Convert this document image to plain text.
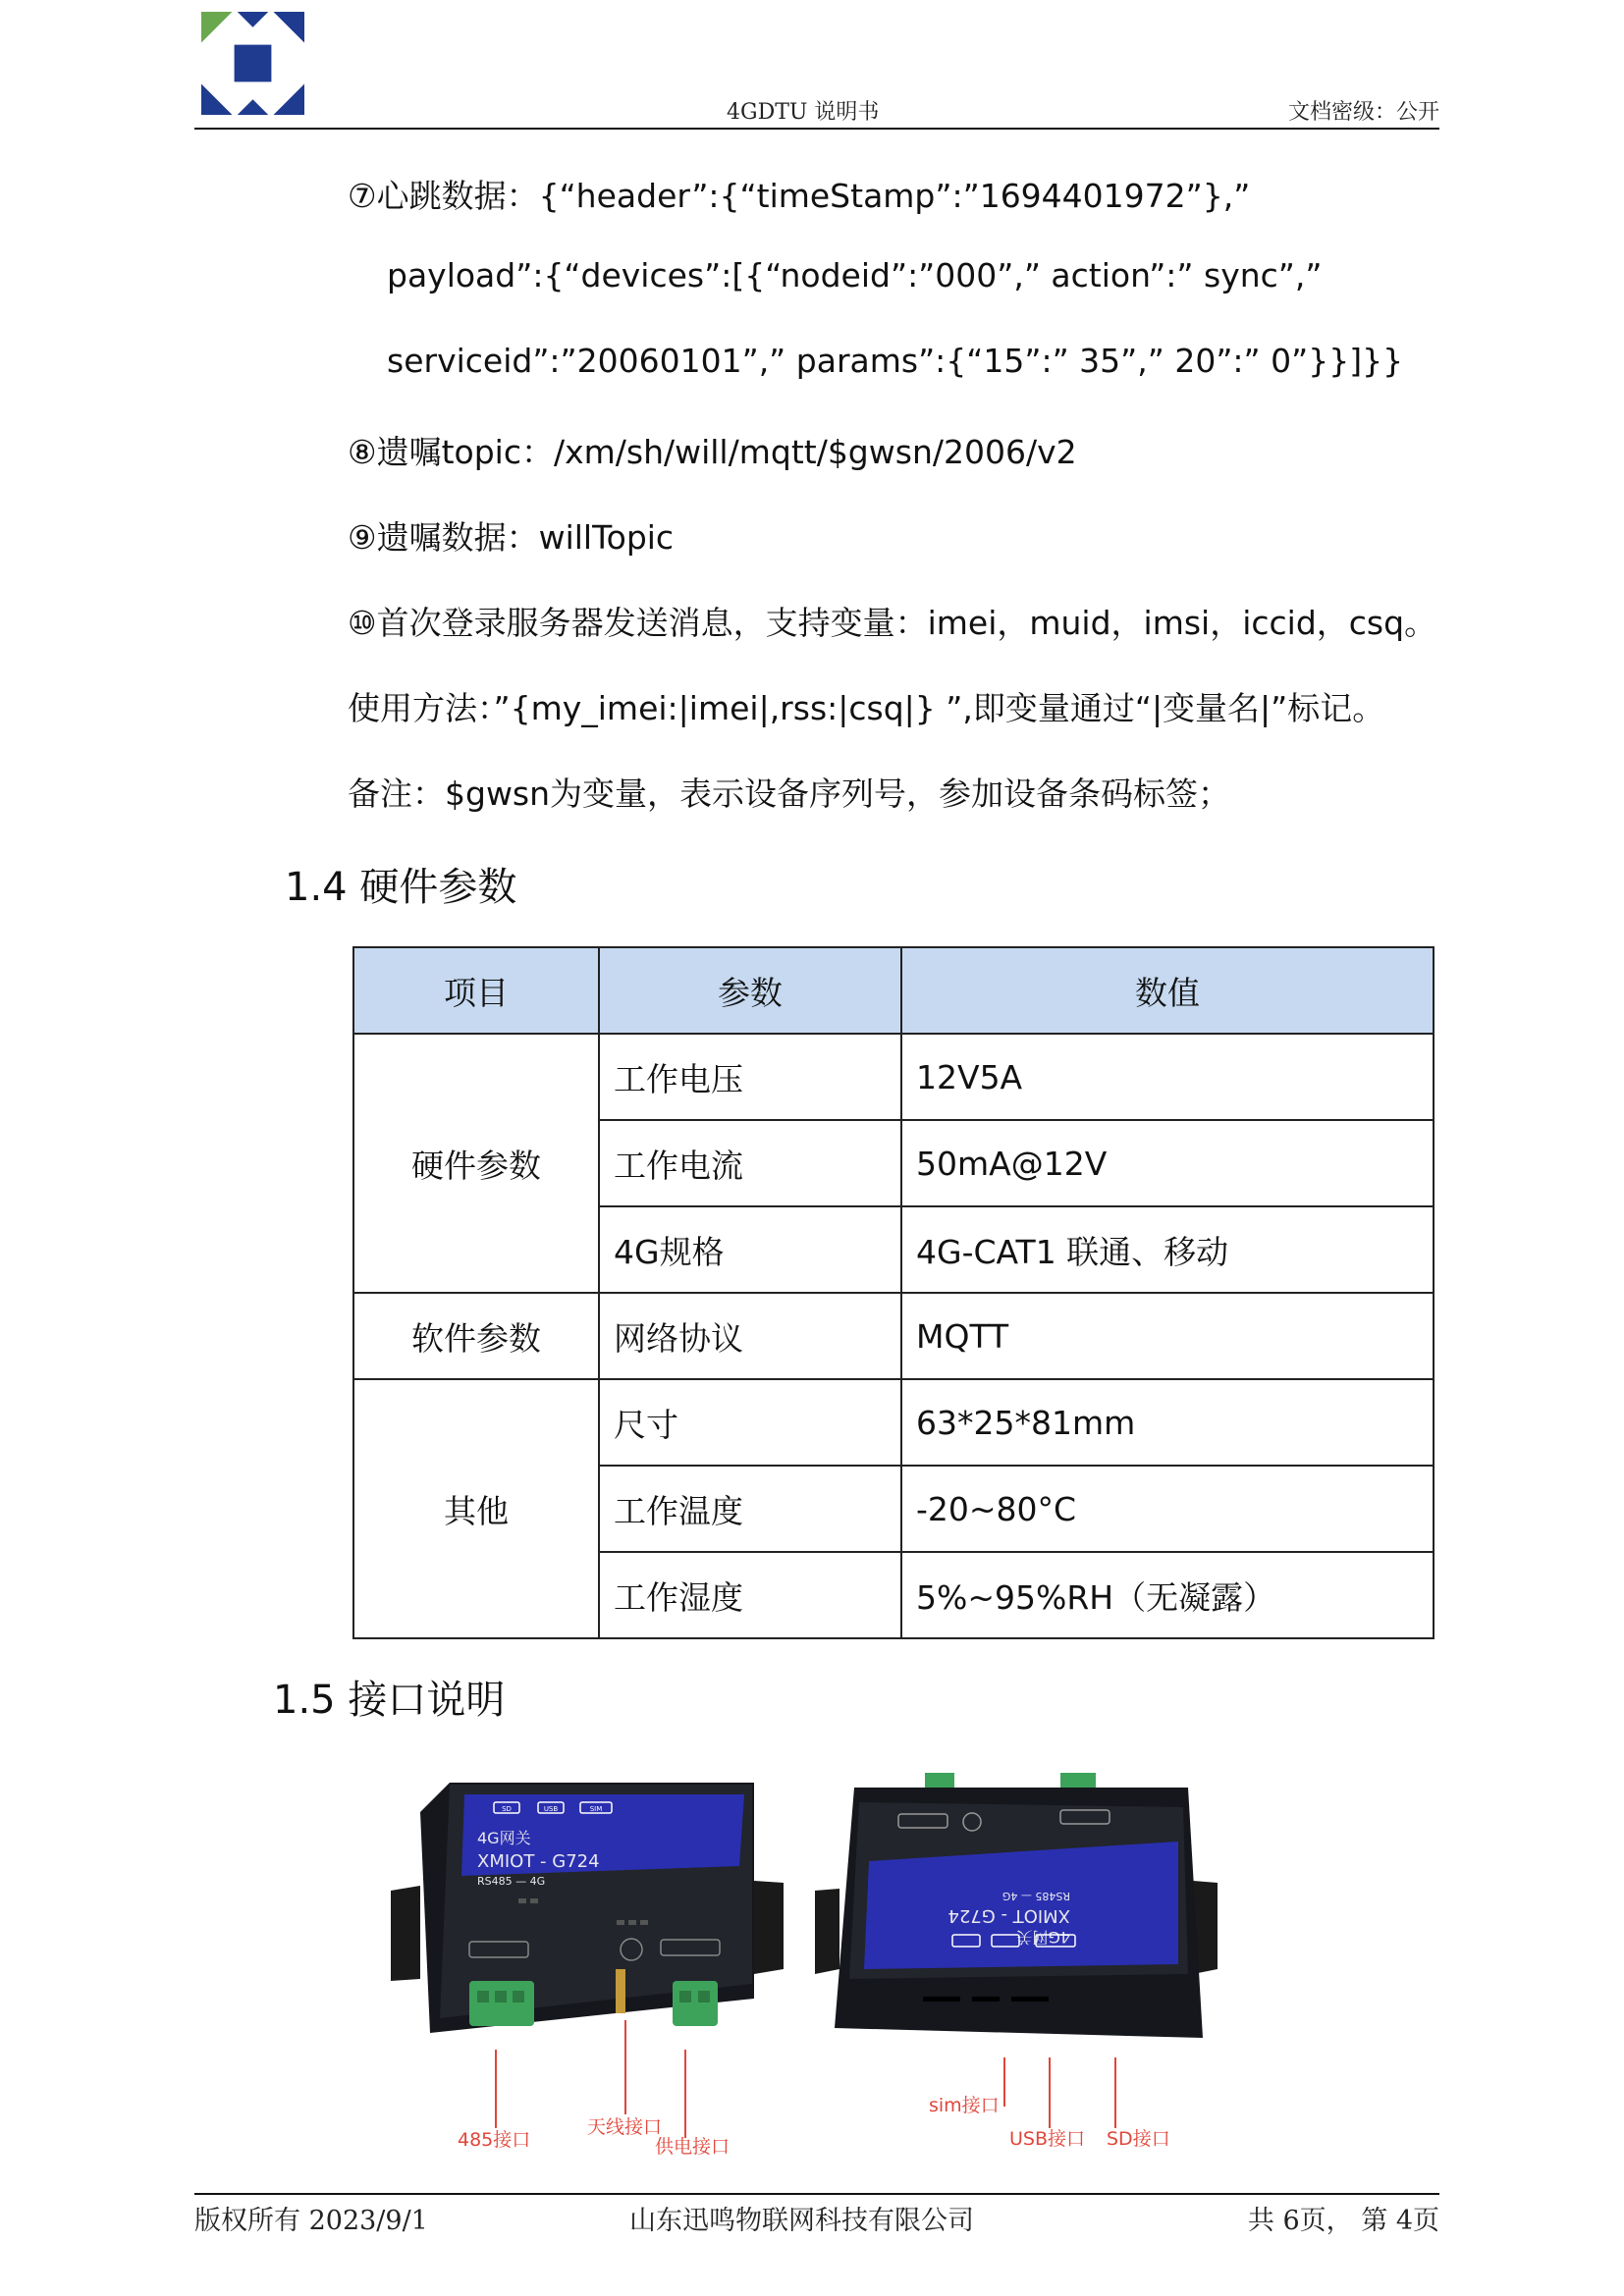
4GDTU 说明书	文档密级：公开
⑦心跳数据：{“header”:{“timeStamp”:”1694401972”},”
payload”:{“devices”:[{“nodeid”:”000”,” action”:” sync”,”
serviceid”:”20060101”,” params”:{“15”:” 35”,” 20”:” 0”}}]}}
⑧遗嘱topic：/xm/sh/will/mqtt/$gwsn/2006/v2
⑨遗嘱数据：willTopic
⑩首次登录服务器发送消息，支持变量：imei，muid，imsi，iccid，csq。
使用方法：”{my_imei:|imei|,rss:|csq|} ”,即变量通过“|变量名|”标记。
备注：$gwsn为变量，表示设备序列号，参加设备条码标签；
1.4 硬件参数
项目	参数	数值
硬件参数	工作电压	12V5A
	工作电流	50mA@12V
	4G规格	4G-CAT1 联通、移动
软件参数	网络协议	MQTT
其他	尺寸	63*25*81mm
	工作温度	-20~80°C
	工作湿度	5%~95%RH（无凝露）
1.5 接口说明
SD	USB	SIM
4G网关
XMIOT - G724
RS485 — 4G
XMIOT - G724
4G网关
RS485 — 4G
485接口
天线接口
供电接口
sim接口
USB接口 SD接口
版权所有 2023/9/1	山东迅鸣物联网科技有限公司	共 6页， 第 4页
